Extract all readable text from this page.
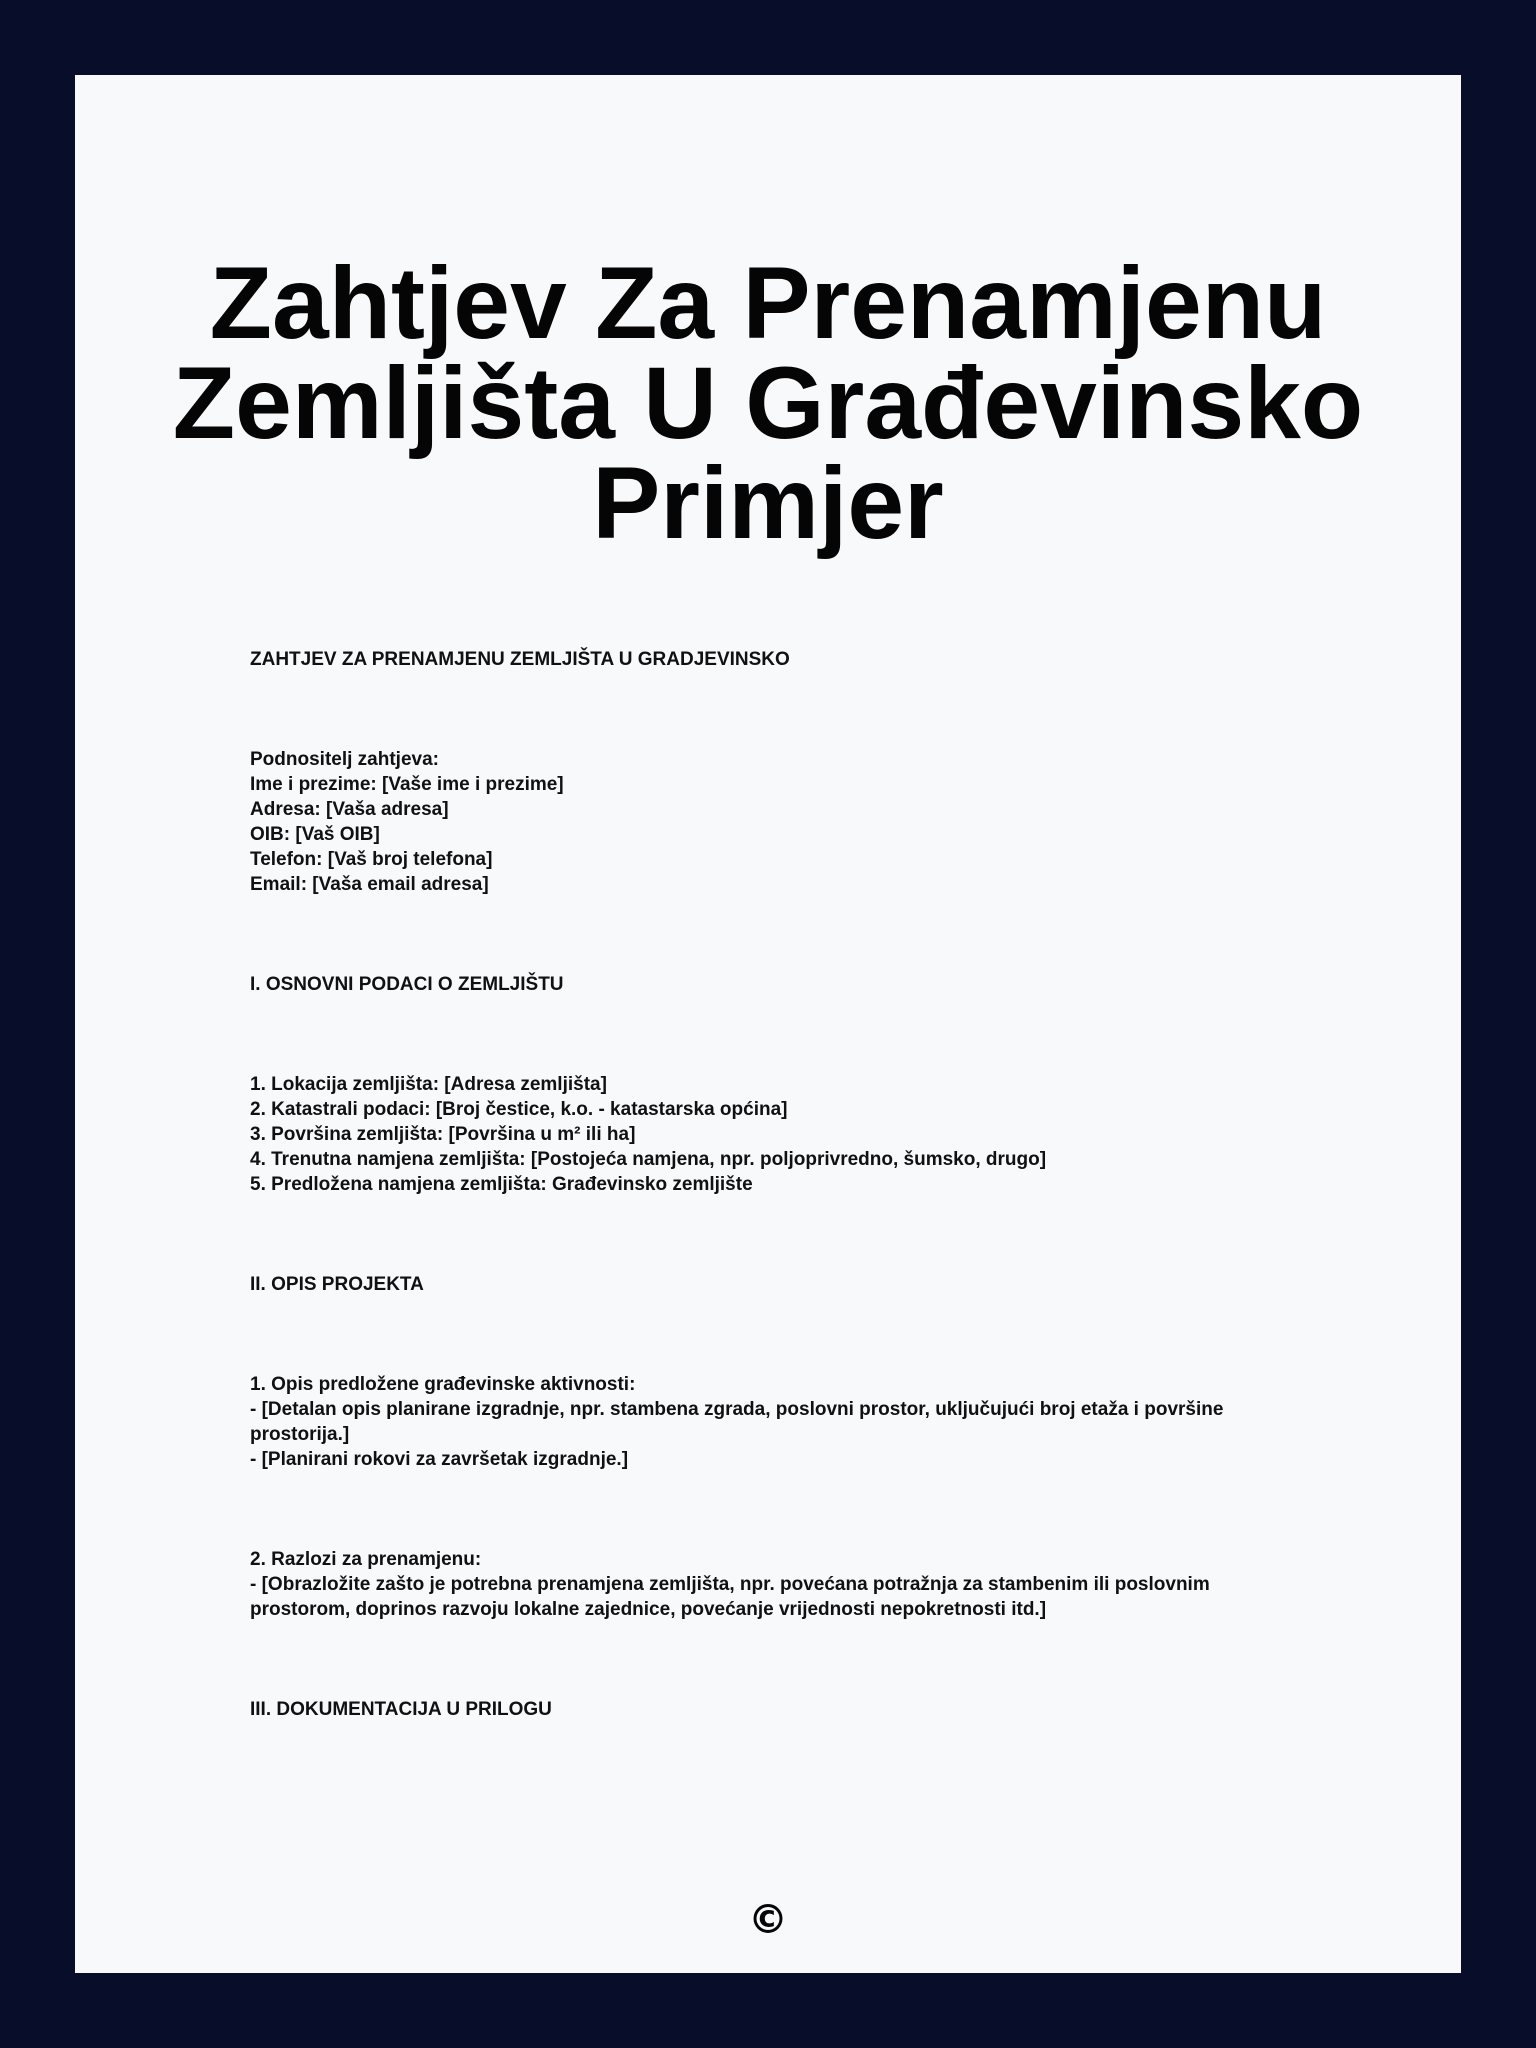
Zahtjev Za Prenamjenu Zemljišta U Građevinsko Primjer
ZAHTJEV ZA PRENAMJENU ZEMLJIŠTA U GRADJEVINSKO
Podnositelj zahtjeva:
Ime i prezime: [Vaše ime i prezime]
Adresa: [Vaša adresa]
OIB: [Vaš OIB]
Telefon: [Vaš broj telefona]
Email: [Vaša email adresa]
I. OSNOVNI PODACI O ZEMLJIŠTU
1. Lokacija zemljišta: [Adresa zemljišta]
2. Katastrali podaci: [Broj čestice, k.o. - katastarska općina]
3. Površina zemljišta: [Površina u m² ili ha]
4. Trenutna namjena zemljišta: [Postojeća namjena, npr. poljoprivredno, šumsko, drugo]
5. Predložena namjena zemljišta: Građevinsko zemljište
II. OPIS PROJEKTA
1. Opis predložene građevinske aktivnosti:
- [Detalan opis planirane izgradnje, npr. stambena zgrada, poslovni prostor, uključujući broj etaža i površine prostorija.]
- [Planirani rokovi za završetak izgradnje.]
2. Razlozi za prenamjenu:
- [Obrazložite zašto je potrebna prenamjena zemljišta, npr. povećana potražnja za stambenim ili poslovnim prostorom, doprinos razvoju lokalne zajednice, povećanje vrijednosti nepokretnosti itd.]
III. DOKUMENTACIJA U PRILOGU
©
